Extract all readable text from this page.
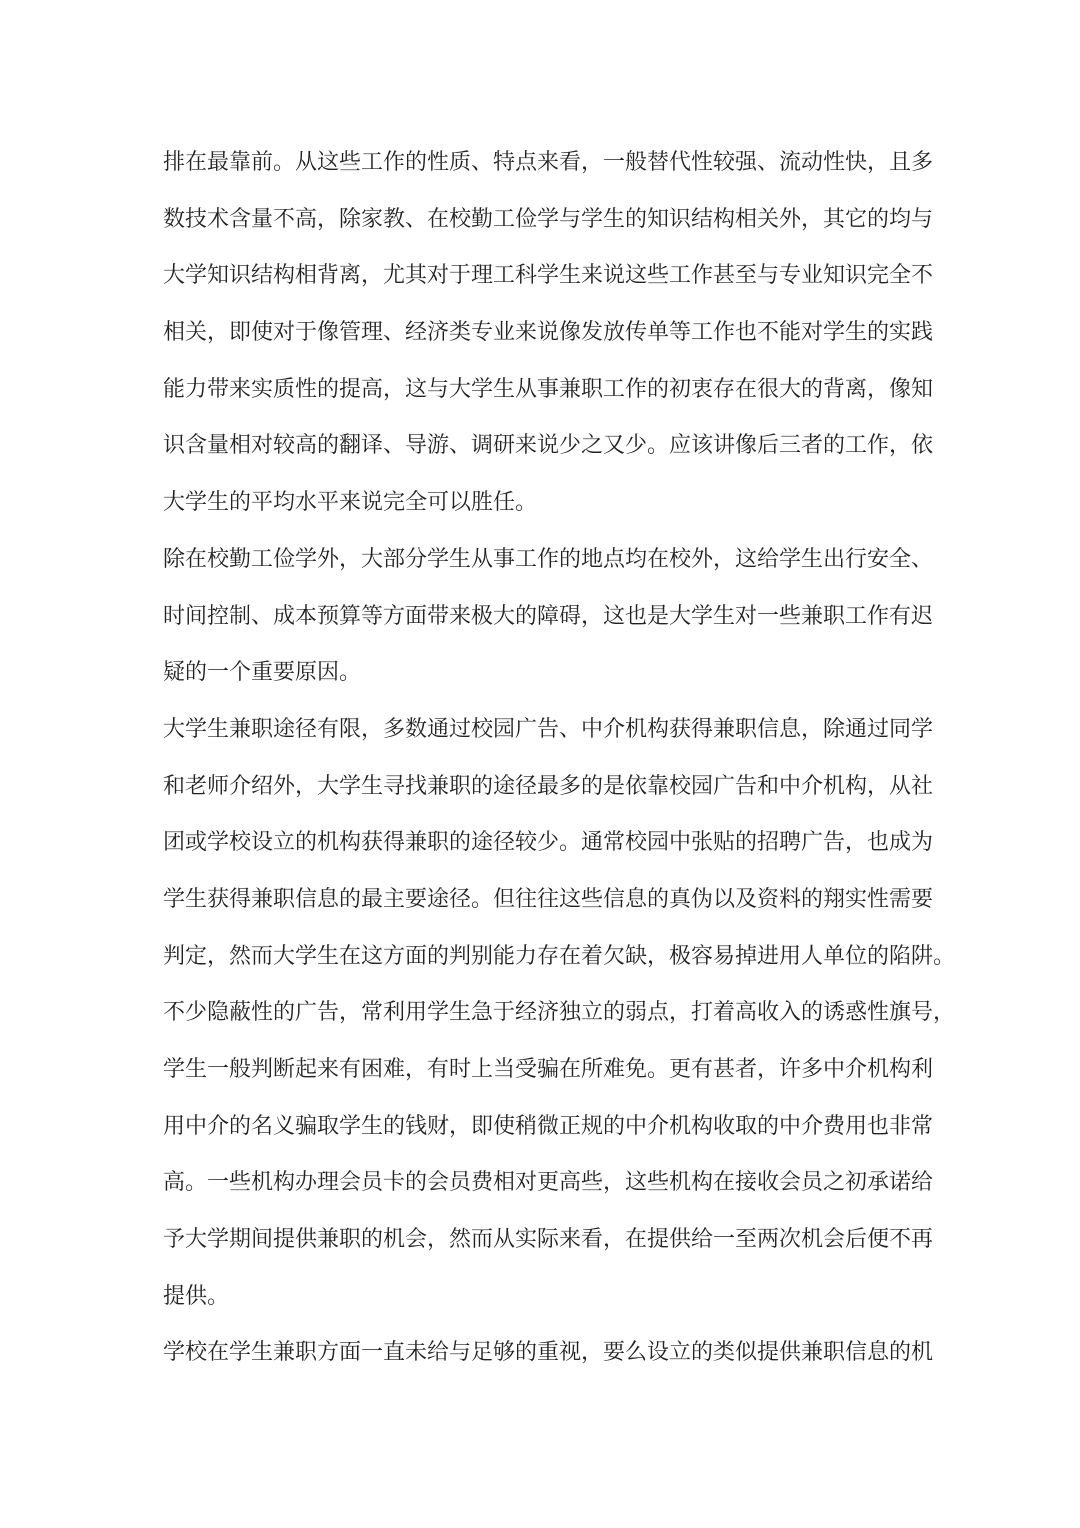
排在最靠前。从这些工作的性质、特点来看，一般替代性较强、流动性快，且多
数技术含量不高，除家教、在校勤工俭学与学生的知识结构相关外，其它的均与
大学知识结构相背离，尤其对于理工科学生来说这些工作甚至与专业知识完全不
相关，即使对于像管理、经济类专业来说像发放传单等工作也不能对学生的实践
能力带来实质性的提高，这与大学生从事兼职工作的初衷存在很大的背离，像知
识含量相对较高的翻译、导游、调研来说少之又少。应该讲像后三者的工作，依
大学生的平均水平来说完全可以胜任。
除在校勤工俭学外，大部分学生从事工作的地点均在校外，这给学生出行安全、
时间控制、成本预算等方面带来极大的障碍，这也是大学生对一些兼职工作有迟
疑的一个重要原因。
大学生兼职途径有限，多数通过校园广告、中介机构获得兼职信息，除通过同学
和老师介绍外，大学生寻找兼职的途径最多的是依靠校园广告和中介机构，从社
团或学校设立的机构获得兼职的途径较少。通常校园中张贴的招聘广告，也成为
学生获得兼职信息的最主要途径。但往往这些信息的真伪以及资料的翔实性需要
判定，然而大学生在这方面的判别能力存在着欠缺，极容易掉进用人单位的陷阱。
不少隐蔽性的广告，常利用学生急于经济独立的弱点，打着高收入的诱惑性旗号，
学生一般判断起来有困难，有时上当受骗在所难免。更有甚者，许多中介机构利
用中介的名义骗取学生的钱财，即使稍微正规的中介机构收取的中介费用也非常
高。一些机构办理会员卡的会员费相对更高些，这些机构在接收会员之初承诺给
予大学期间提供兼职的机会，然而从实际来看，在提供给一至两次机会后便不再
提供。
学校在学生兼职方面一直未给与足够的重视，要么设立的类似提供兼职信息的机
